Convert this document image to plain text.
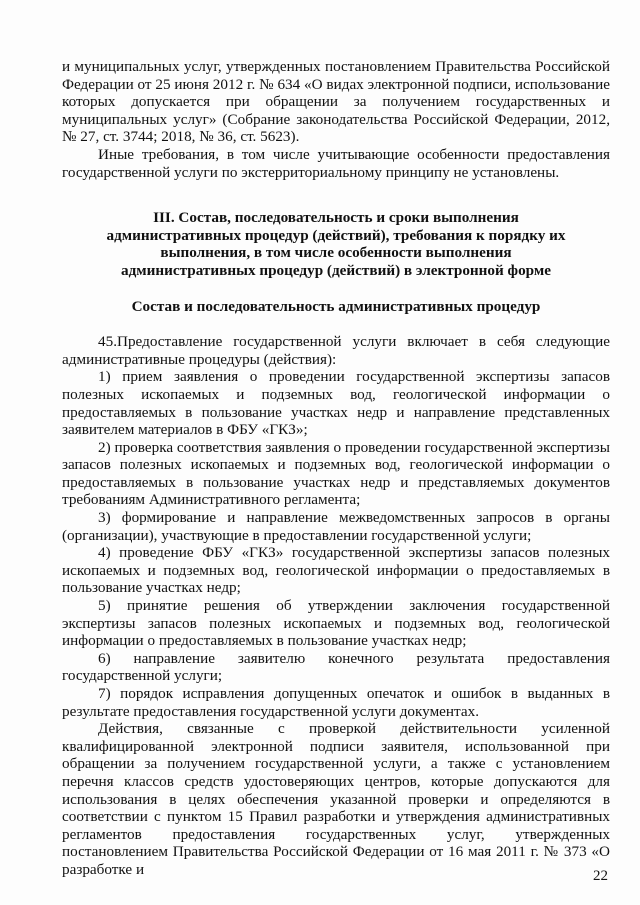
и муниципальных услуг, утвержденных постановлением Правительства Российской Федерации от 25 июня 2012 г. № 634 «О видах электронной подписи, использование которых допускается при обращении за получением государственных и муниципальных услуг» (Собрание законодательства Российской Федерации, 2012, № 27, ст. 3744; 2018, № 36, ст. 5623).

Иные требования, в том числе учитывающие особенности предоставления государственной услуги по экстерриториальному принципу не установлены.

III. Состав, последовательность и сроки выполнения административных процедур (действий), требования к порядку их выполнения, в том числе особенности выполнения административных процедур (действий) в электронной форме

Состав и последовательность административных процедур

45.Предоставление государственной услуги включает в себя следующие административные процедуры (действия):

1) прием заявления о проведении государственной экспертизы запасов полезных ископаемых и подземных вод, геологической информации о предоставляемых в пользование участках недр и направление представленных заявителем материалов в ФБУ «ГКЗ»;

2) проверка соответствия заявления о проведении государственной экспертизы запасов полезных ископаемых и подземных вод, геологической информации о предоставляемых в пользование участках недр и представляемых документов требованиям Административного регламента;

3) формирование и направление межведомственных запросов в органы (организации), участвующие в предоставлении государственной услуги;

4) проведение ФБУ «ГКЗ» государственной экспертизы запасов полезных ископаемых и подземных вод, геологической информации о предоставляемых в пользование участках недр;

5) принятие решения об утверждении заключения государственной экспертизы запасов полезных ископаемых и подземных вод, геологической информации о предоставляемых в пользование участках недр;

6) направление заявителю конечного результата предоставления государственной услуги;

7) порядок исправления допущенных опечаток и ошибок в выданных в результате предоставления государственной услуги документах.

Действия, связанные с проверкой действительности усиленной квалифицированной электронной подписи заявителя, использованной при обращении за получением государственной услуги, а также с установлением перечня классов средств удостоверяющих центров, которые допускаются для использования в целях обеспечения указанной проверки и определяются в соответствии с пунктом 15 Правил разработки и утверждения административных регламентов предоставления государственных услуг, утвержденных постановлением Правительства Российской Федерации от 16 мая 2011 г. № 373 «О разработке и	22
